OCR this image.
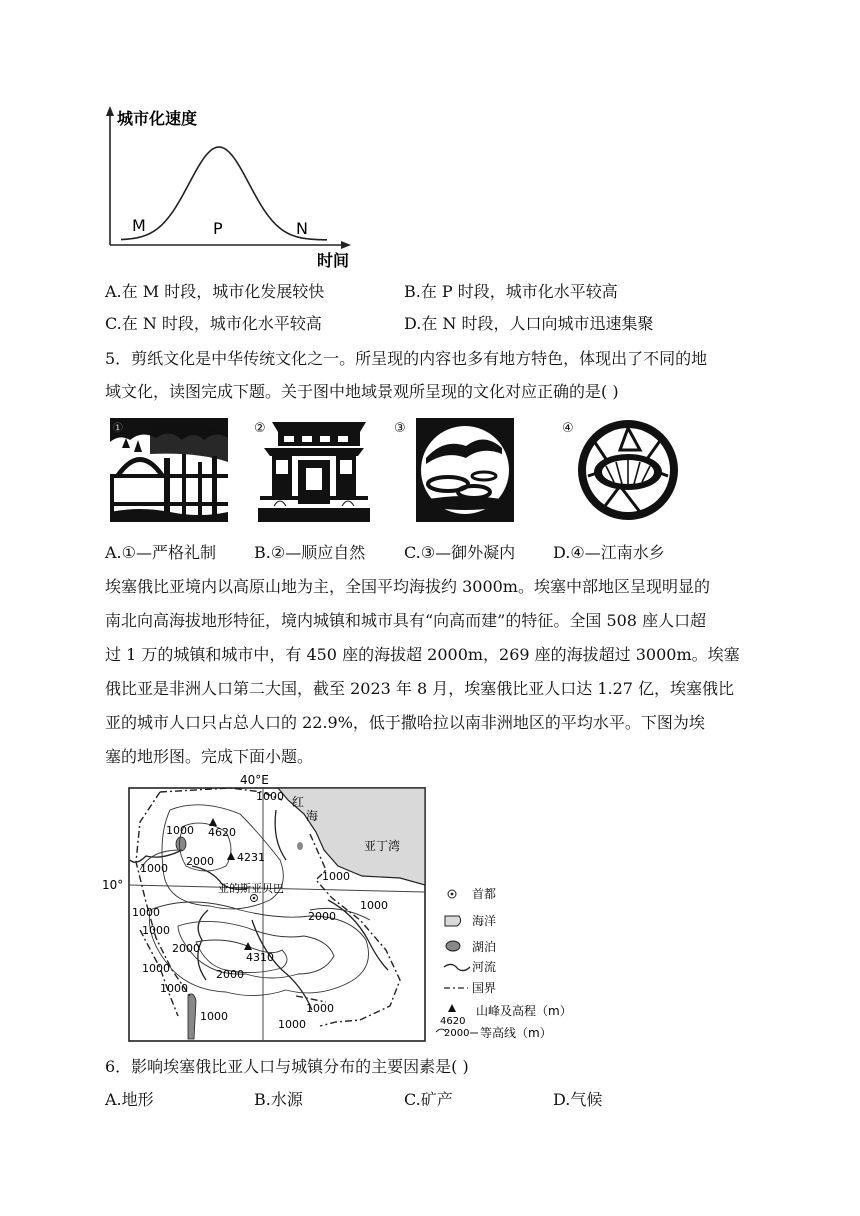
城市化速度
时间
M	P	N
A.在 M 时段，城市化发展较快	B.在 P 时段，城市化水平较高
C.在 N 时段，城市化水平较高	D.在 N 时段，人口向城市迅速集聚
5．剪纸文化是中华传统文化之一。所呈现的内容也多有地方特色，体现出了不同的地
域文化，读图完成下题。关于图中地域景观所呈现的文化对应正确的是( )
①	②	③	④
A.①—严格礼制 B.②—顺应自然 C.③—御外凝内 D.④—江南水乡
埃塞俄比亚境内以高原山地为主，全国平均海拔约 3000m。埃塞中部地区呈现明显的
南北向高海拔地形特征，境内城镇和城市具有“向高而建”的特征。全国 508 座人口超
过 1 万的城镇和城市中，有 450 座的海拔超 2000m，269 座的海拔超过 3000m。埃塞
俄比亚是非洲人口第二大国，截至 2023 年 8 月，埃塞俄比亚人口达 1.27 亿，埃塞俄比
亚的城市人口只占总人口的 22.9%，低于撒哈拉以南非洲地区的平均水平。下图为埃
塞的地形图。完成下面小题。
40°E
10°
红
海
亚丁湾
亚的斯亚贝巴
4620
4231
4310
1000
1000
1000
2000
1000
1000
1000	2000
1000
2000
1000	2000
1000
1000
1000
1000
首都
海洋
湖泊
河流
国界
4620
山峰及高程（m）
2000 等高线（m）
6．影响埃塞俄比亚人口与城镇分布的主要因素是( )
A.地形	B.水源	C.矿产	D.气候
